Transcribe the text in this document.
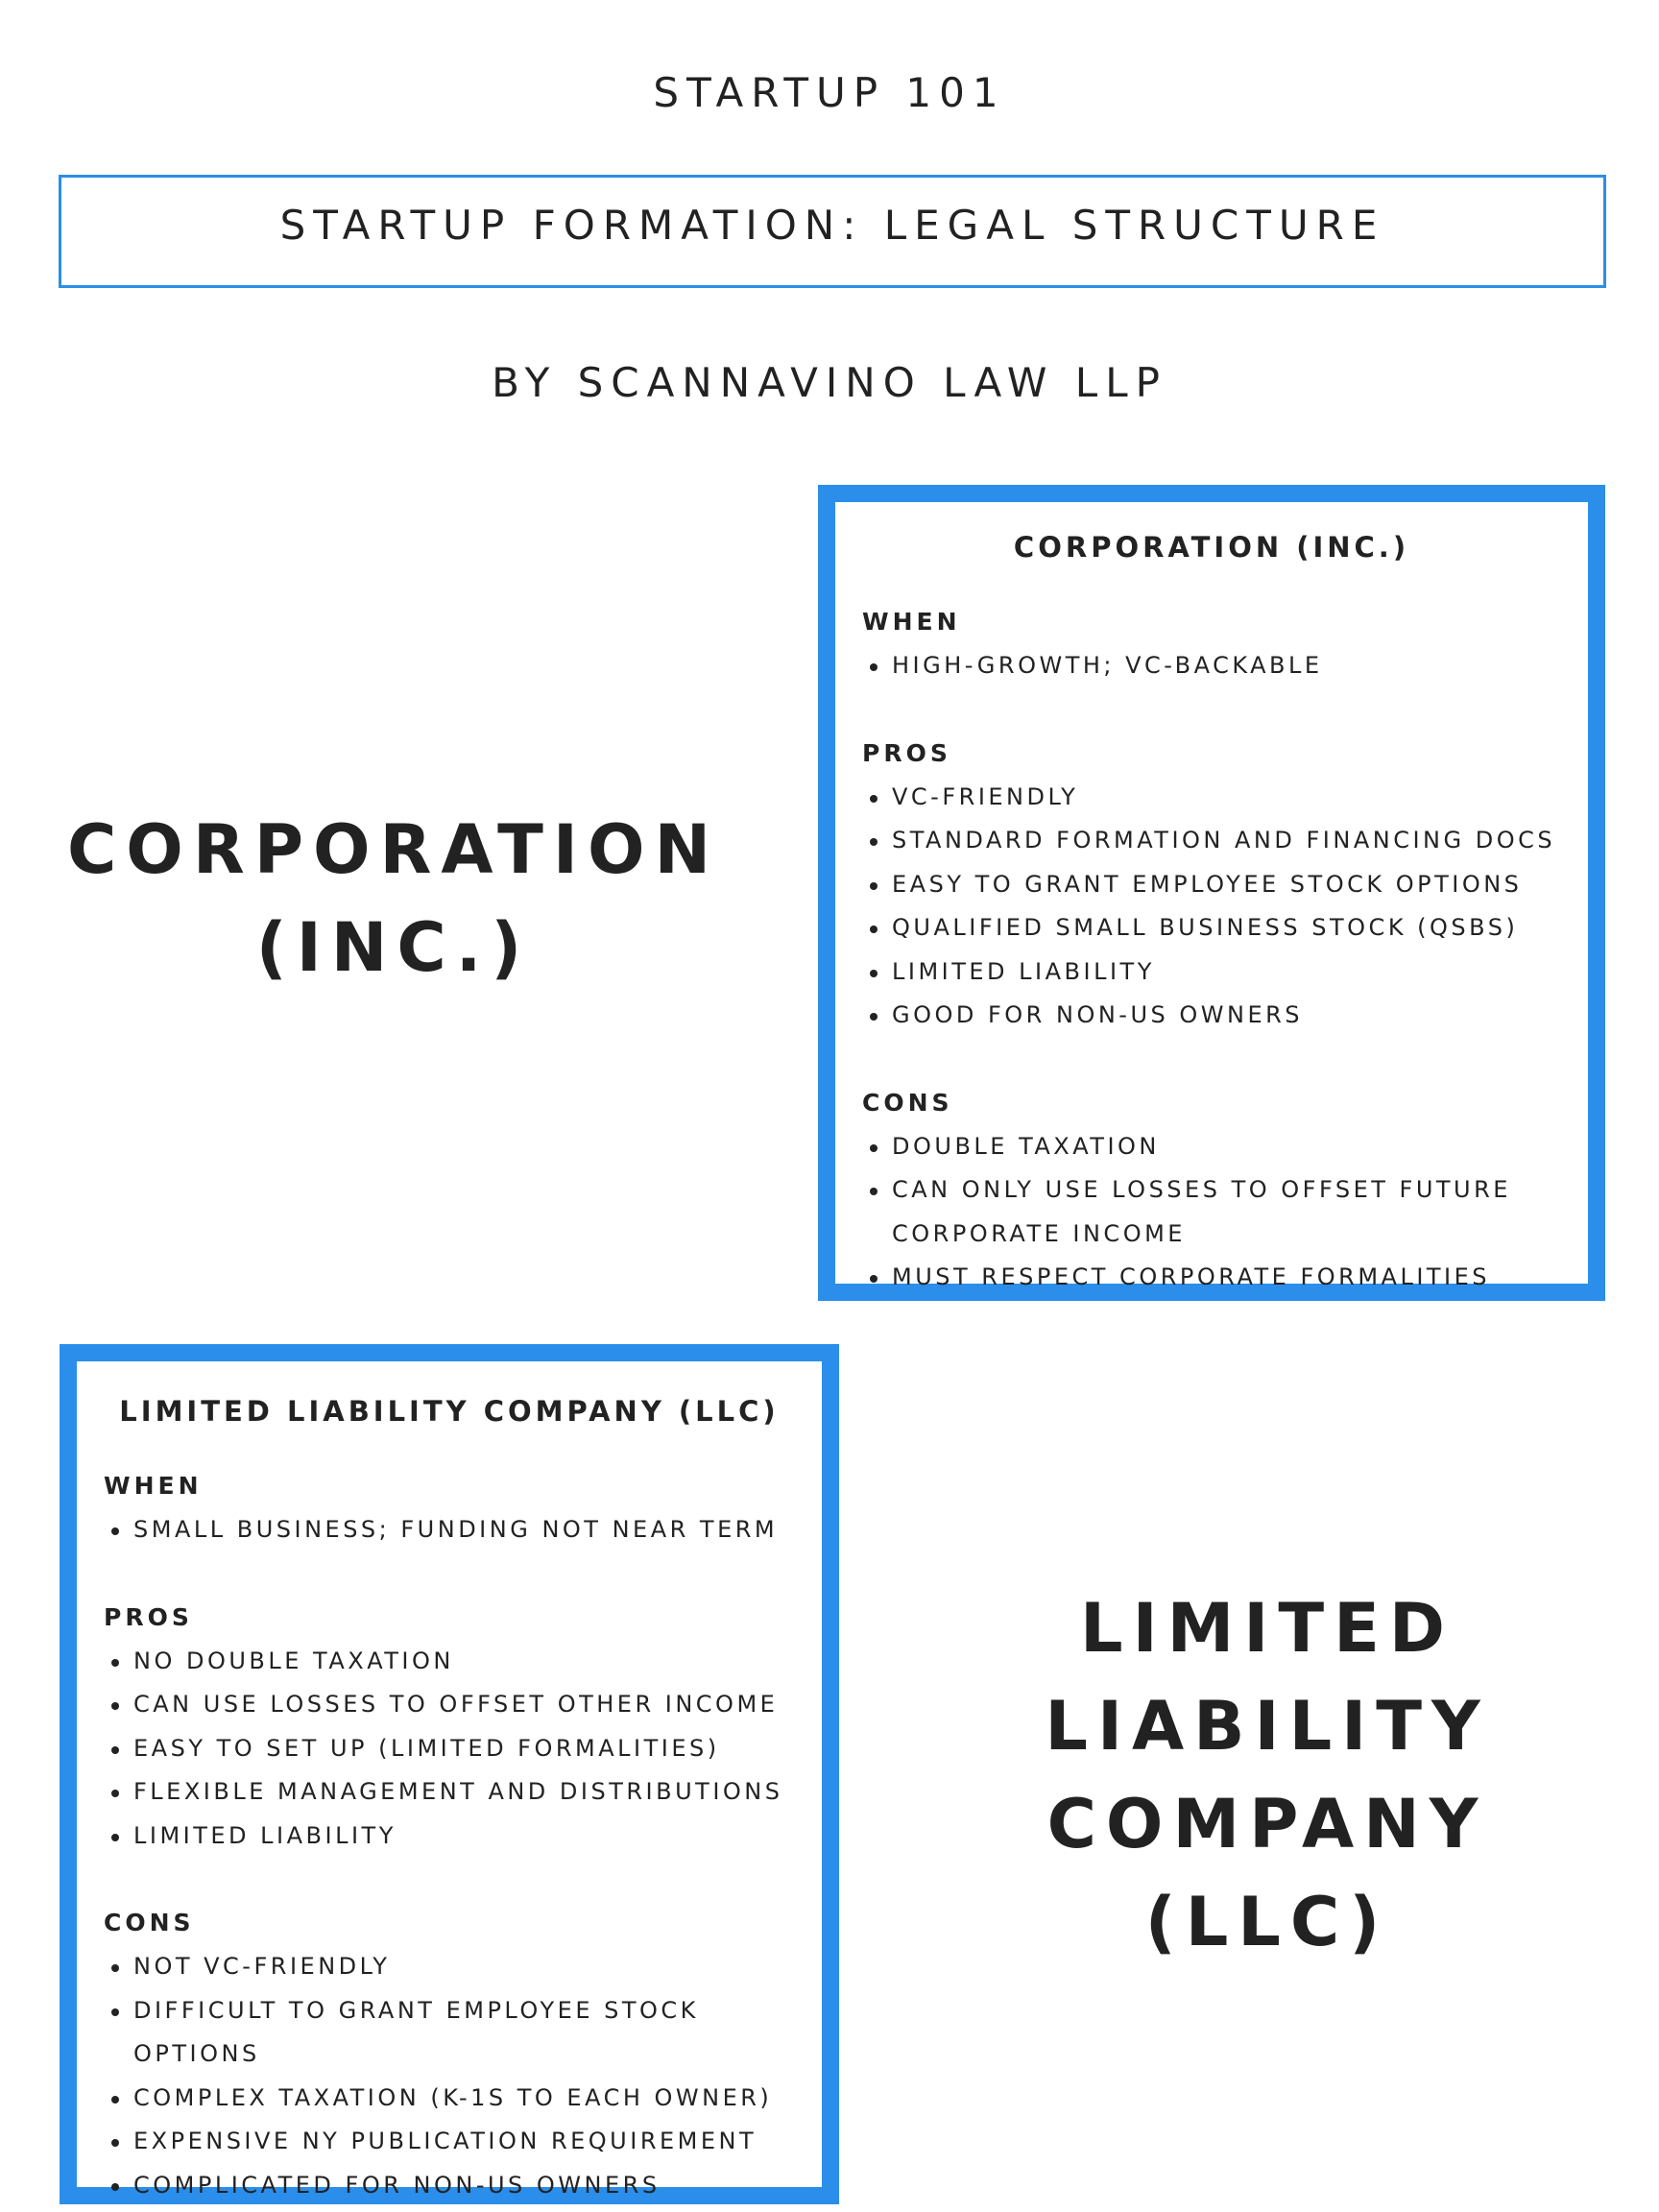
STARTUP 101
STARTUP FORMATION: LEGAL STRUCTURE
BY SCANNAVINO LAW LLP
CORPORATION
(INC.)
CORPORATION (INC.)
WHEN
HIGH-GROWTH; VC-BACKABLE
PROS
VC-FRIENDLY
STANDARD FORMATION AND FINANCING DOCS
EASY TO GRANT EMPLOYEE STOCK OPTIONS
QUALIFIED SMALL BUSINESS STOCK (QSBS)
LIMITED LIABILITY
GOOD FOR NON-US OWNERS
CONS
DOUBLE TAXATION
CAN ONLY USE LOSSES TO OFFSET FUTURE CORPORATE INCOME
MUST RESPECT CORPORATE FORMALITIES
LIMITED LIABILITY COMPANY (LLC)
WHEN
SMALL BUSINESS; FUNDING NOT NEAR TERM
PROS
NO DOUBLE TAXATION
CAN USE LOSSES TO OFFSET OTHER INCOME
EASY TO SET UP (LIMITED FORMALITIES)
FLEXIBLE MANAGEMENT AND DISTRIBUTIONS
LIMITED LIABILITY
CONS
NOT VC-FRIENDLY
DIFFICULT TO GRANT EMPLOYEE STOCK OPTIONS
COMPLEX TAXATION (K-1S TO EACH OWNER)
EXPENSIVE NY PUBLICATION REQUIREMENT
COMPLICATED FOR NON-US OWNERS
LIMITED
LIABILITY
COMPANY
(LLC)
